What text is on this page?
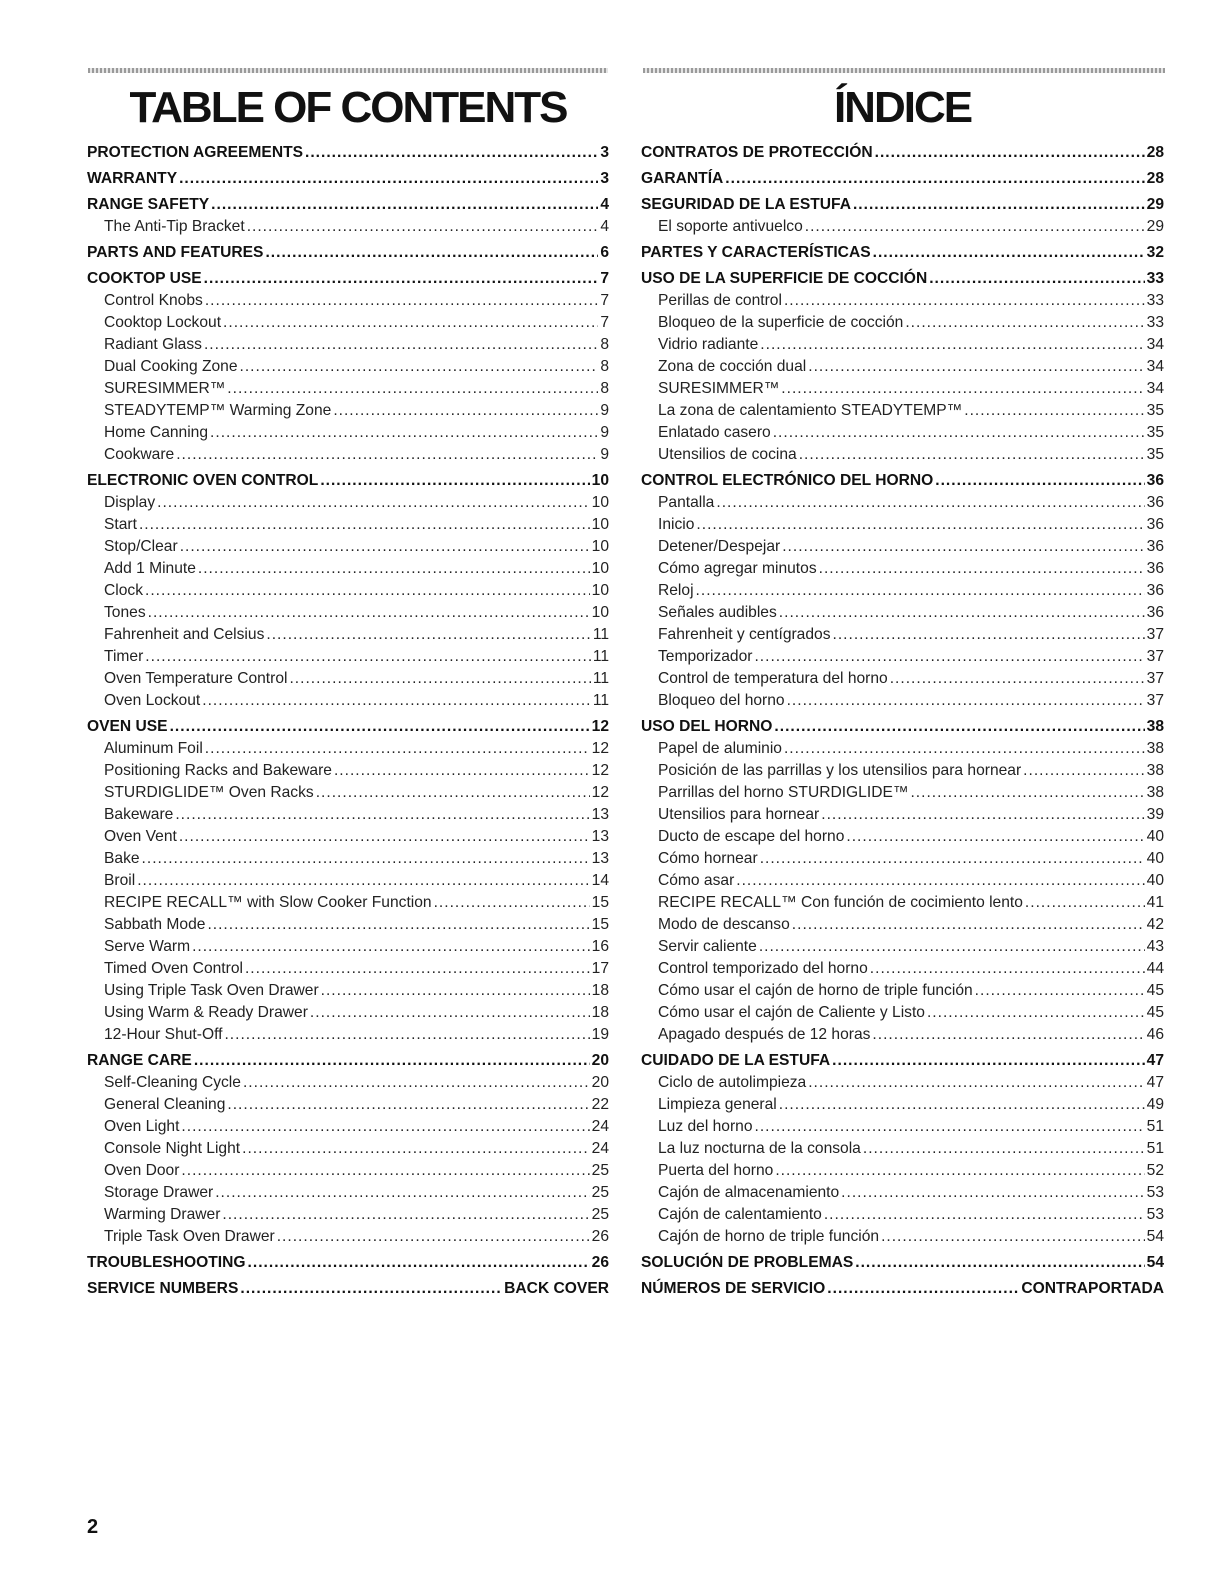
TABLE OF CONTENTS
PROTECTION AGREEMENTS .....	3
WARRANTY .....	3
RANGE SAFETY .....	4
The Anti-Tip Bracket .....	4
PARTS AND FEATURES .....	6
COOKTOP USE .....	7
Control Knobs .....	7
Cooktop Lockout .....	7
Radiant Glass .....	8
Dual Cooking Zone .....	8
SURESIMMER™ .....	8
STEADYTEMP™ Warming Zone .....	9
Home Canning .....	9
Cookware .....	9
ELECTRONIC OVEN CONTROL .....	10
Display .....	10
Start .....	10
Stop/Clear .....	10
Add 1 Minute .....	10
Clock .....	10
Tones .....	10
Fahrenheit and Celsius .....	11
Timer .....	11
Oven Temperature Control .....	11
Oven Lockout .....	11
OVEN USE .....	12
Aluminum Foil .....	12
Positioning Racks and Bakeware .....	12
STURDIGLIDE™ Oven Racks .....	12
Bakeware .....	13
Oven Vent .....	13
Bake .....	13
Broil .....	14
RECIPE RECALL™ with Slow Cooker Function .....	15
Sabbath Mode .....	15
Serve Warm .....	16
Timed Oven Control .....	17
Using Triple Task Oven Drawer .....	18
Using Warm & Ready Drawer .....	18
12-Hour Shut-Off .....	19
RANGE CARE .....	20
Self-Cleaning Cycle .....	20
General Cleaning .....	22
Oven Light .....	24
Console Night Light .....	24
Oven Door .....	25
Storage Drawer .....	25
Warming Drawer .....	25
Triple Task Oven Drawer .....	26
TROUBLESHOOTING .....	26
SERVICE NUMBERS .....	BACK COVER
ÍNDICE
CONTRATOS DE PROTECCIÓN .....	28
GARANTÍA .....	28
SEGURIDAD DE LA ESTUFA .....	29
El soporte antivuelco .....	29
PARTES Y CARACTERÍSTICAS .....	32
USO DE LA SUPERFICIE DE COCCIÓN .....	33
Perillas de control .....	33
Bloqueo de la superficie de cocción .....	33
Vidrio radiante .....	34
Zona de cocción dual .....	34
SURESIMMER™ .....	34
La zona de calentamiento STEADYTEMP™ .....	35
Enlatado casero .....	35
Utensilios de cocina .....	35
CONTROL ELECTRÓNICO DEL HORNO .....	36
Pantalla .....	36
Inicio .....	36
Detener/Despejar .....	36
Cómo agregar minutos .....	36
Reloj .....	36
Señales audibles .....	36
Fahrenheit y centígrados .....	37
Temporizador .....	37
Control de temperatura del horno .....	37
Bloqueo del horno .....	37
USO DEL HORNO .....	38
Papel de aluminio .....	38
Posición de las parrillas y los utensilios para hornear .....	38
Parrillas del horno STURDIGLIDE™ .....	38
Utensilios para hornear .....	39
Ducto de escape del horno .....	40
Cómo hornear .....	40
Cómo asar .....	40
RECIPE RECALL™ Con función de cocimiento lento .....	41
Modo de descanso .....	42
Servir caliente .....	43
Control temporizado del horno .....	44
Cómo usar el cajón de horno de triple función .....	45
Cómo usar el cajón de Caliente y Listo .....	45
Apagado después de 12 horas .....	46
CUIDADO DE LA ESTUFA .....	47
Ciclo de autolimpieza .....	47
Limpieza general .....	49
Luz del horno .....	51
La luz nocturna de la consola .....	51
Puerta del horno .....	52
Cajón de almacenamiento .....	53
Cajón de calentamiento .....	53
Cajón de horno de triple función .....	54
SOLUCIÓN DE PROBLEMAS .....	54
NÚMEROS DE SERVICIO .....	CONTRAPORTADA
2
